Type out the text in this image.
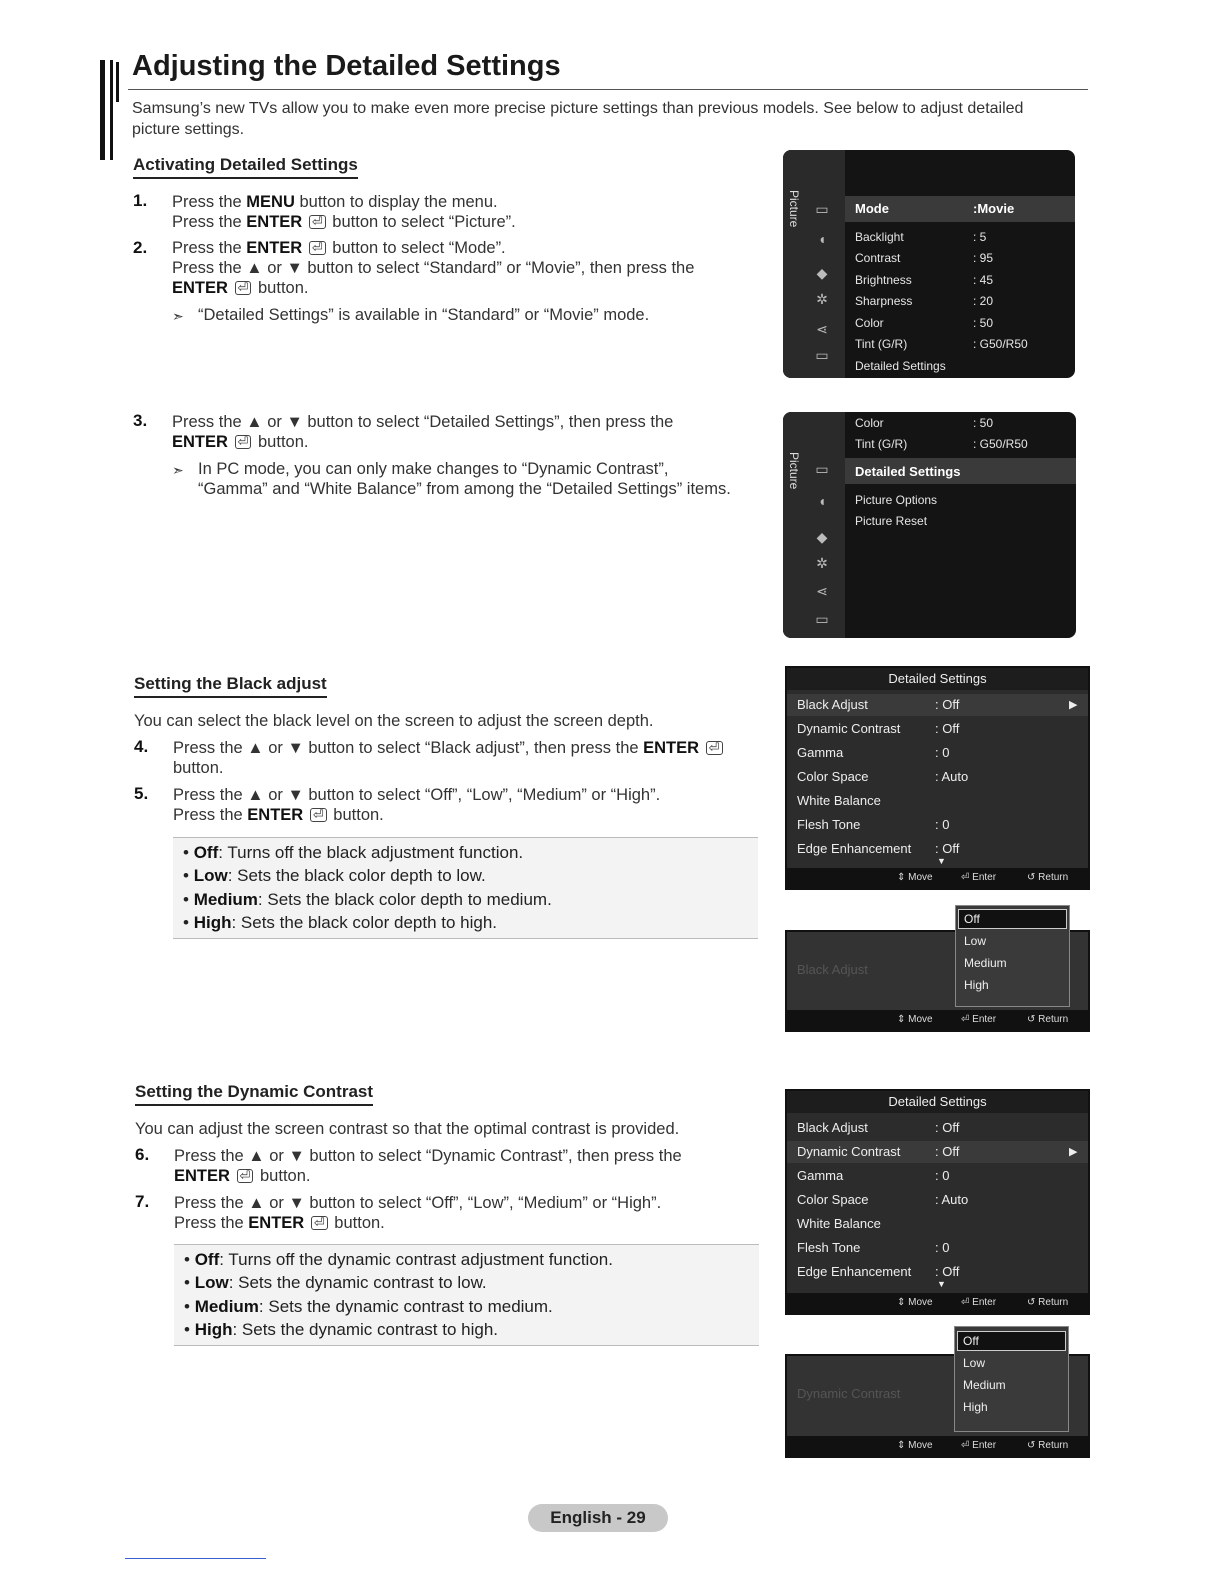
Adjusting the Detailed Settings
Samsung’s new TVs allow you to make even more precise picture settings than previous models. See below to adjust detailed picture settings.
Activating Detailed Settings
1. Press the MENU button to display the menu.
Press the ENTER ⏎ button to select “Picture”.
2. Press the ENTER ⏎ button to select “Mode”.
Press the ▲ or ▼ button to select “Standard” or “Movie”, then press the
ENTER ⏎ button.
➣ “Detailed Settings” is available in “Standard” or “Movie” mode.
3. Press the ▲ or ▼ button to select “Detailed Settings”, then press the
ENTER ⏎ button.
➣ In PC mode, you can only make changes to “Dynamic Contrast”,
“Gamma” and “White Balance” from among the “Detailed Settings” items.
Picture ▭
◖
◆
✲
⋖
▭
Mode	:Movie
Backlight	: 5
Contrast	: 95
Brightness	: 45
Sharpness	: 20
Color	: 50
Tint (G/R)	: G50/R50
Detailed Settings
Picture ▭
◖
◆
✲
⋖
▭
Color	: 50
Tint (G/R)	: G50/R50
Detailed Settings
Picture Options
Picture Reset
Setting the Black adjust
You can select the black level on the screen to adjust the screen depth.
4. Press the ▲ or ▼ button to select “Black adjust”, then press the ENTER ⏎
button.
5. Press the ▲ or ▼ button to select “Off”, “Low”, “Medium” or “High”.
Press the ENTER ⏎ button.
• Off: Turns off the black adjustment function.
• Low: Sets the black color depth to low.
• Medium: Sets the black color depth to medium.
• High: Sets the black color depth to high.
Detailed Settings
Black Adjust	: Off	▶
Dynamic Contrast	: Off
Gamma	: 0
Color Space	: Auto
White Balance
Flesh Tone	: 0
Edge Enhancement : Off
▼
⇕ Move	⏎ Enter	↺ Return
Black Adjust
⇕ Move	⏎ Enter	↺ Return
Off
Low
Medium
High
Setting the Dynamic Contrast
You can adjust the screen contrast so that the optimal contrast is provided.
6. Press the ▲ or ▼ button to select “Dynamic Contrast”, then press the
ENTER ⏎ button.
7. Press the ▲ or ▼ button to select “Off”, “Low”, “Medium” or “High”.
Press the ENTER ⏎ button.
• Off: Turns off the dynamic contrast adjustment function.
• Low: Sets the dynamic contrast to low.
• Medium: Sets the dynamic contrast to medium.
• High: Sets the dynamic contrast to high.
Detailed Settings
Black Adjust	: Off
Dynamic Contrast	: Off	▶
Gamma	: 0
Color Space	: Auto
White Balance
Flesh Tone	: 0
Edge Enhancement : Off
▼
⇕ Move	⏎ Enter	↺ Return
Dynamic Contrast
⇕ Move	⏎ Enter	↺ Return
Off
Low
Medium
High
English - 29
